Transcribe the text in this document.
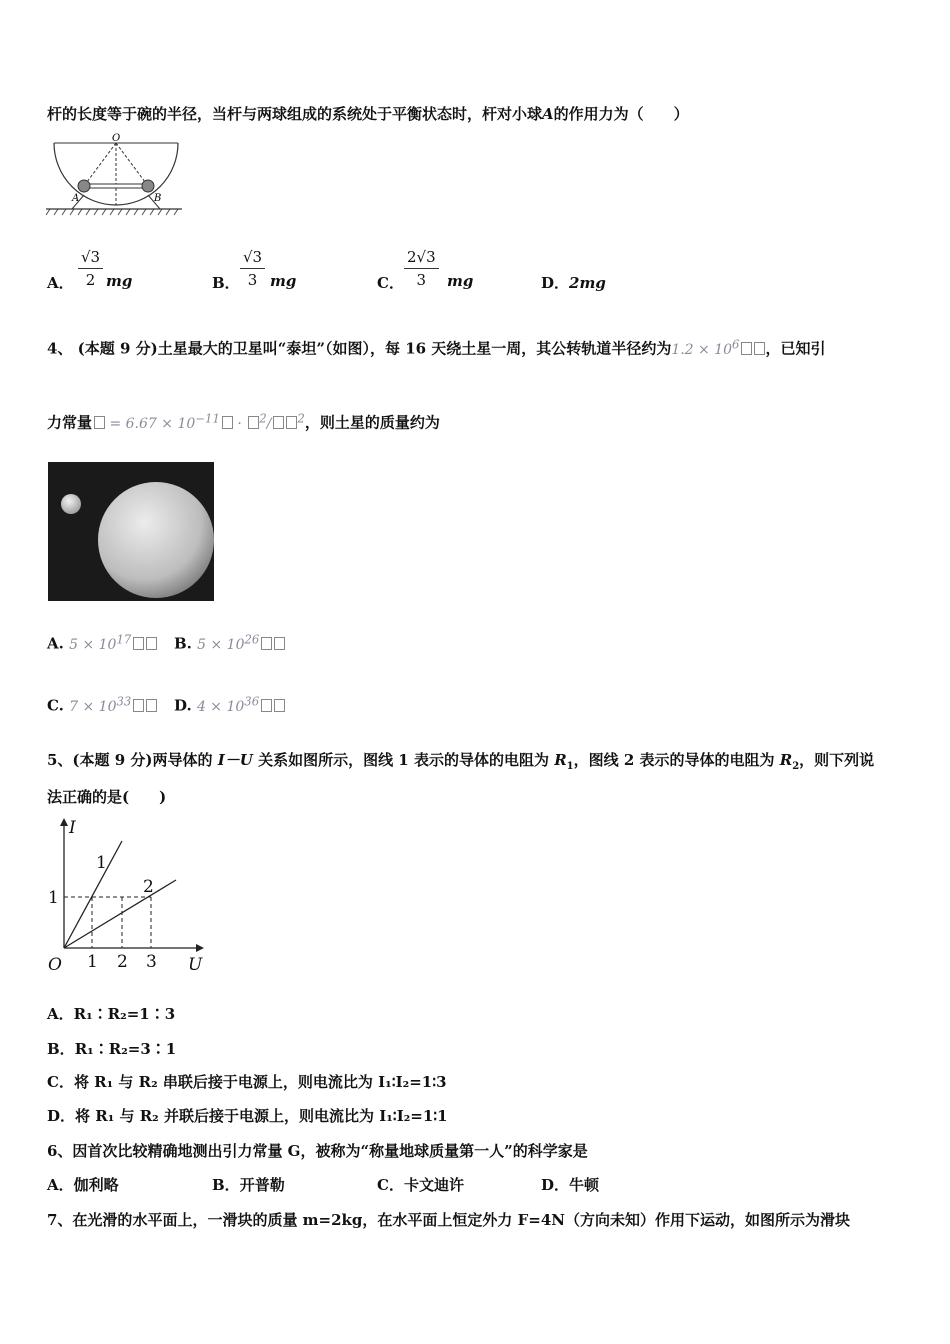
杆的长度等于碗的半径，当杆与两球组成的系统处于平衡状态时，杆对小球A的作用力为（　　）
O
A	B
A． $\frac{√3}{2}$ mg	B． $\frac{√3}{3}$ mg	C． $\frac{2√3}{3}$ mg	D．2mg
4、 (本题 9 分)土星最大的卫星叫“泰坦”（如图），每 16 天绕土星一周，其公转轨道半径约为$1.2 \times 10^6$ ，已知引
力常量 = $6.67 \times 10^{-11} \cdot ^2/$ $^2$，则土星的质量约为
A. $5 \times 10^{17}$	B. $5 \times 10^{26}$
C. $7 \times 10^{33}$	D. $4 \times 10^{36}$
5、(本题 9 分)两导体的 I－U 关系如图所示，图线 1 表示的导体的电阻为 $R_1$，图线 2 表示的导体的电阻为 $R_2$，则下列说
法正确的是(　　)
I
U
O
1
2
1
1 2 3
A．R₁∶R₂=1∶3
B．R₁∶R₂=3∶1
C．将 R₁ 与 R₂ 串联后接于电源上，则电流比为 I₁∶I₂=1∶3
D．将 R₁ 与 R₂ 并联后接于电源上，则电流比为 I₁∶I₂=1∶1
6、因首次比较精确地测出引力常量 G，被称为“称量地球质量第一人”的科学家是
A．伽利略	B．开普勒	C．卡文迪许	D．牛顿
7、在光滑的水平面上，一滑块的质量 m=2kg，在水平面上恒定外力 F=4N（方向未知）作用下运动，如图所示为滑块
